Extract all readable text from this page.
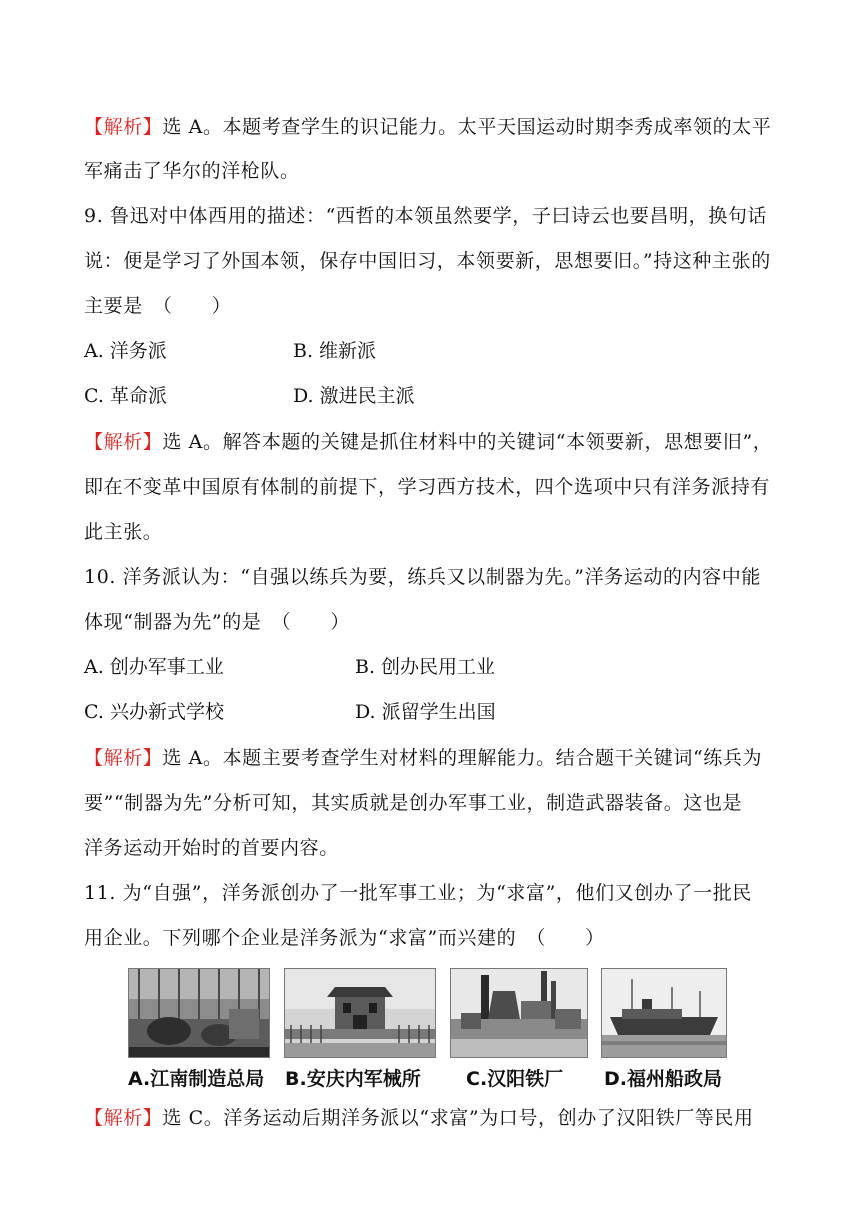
【解析】选 A。本题考查学生的识记能力。太平天国运动时期李秀成率领的太平
军痛击了华尔的洋枪队。
9. 鲁迅对中体西用的描述：“西哲的本领虽然要学，子曰诗云也要昌明，换句话
说：便是学习了外国本领，保存中国旧习，本领要新，思想要旧。”持这种主张的
主要是　（　　）
A. 洋务派	B. 维新派
C. 革命派	D. 激进民主派
【解析】选 A。解答本题的关键是抓住材料中的关键词“本领要新，思想要旧”，
即在不变革中国原有体制的前提下，学习西方技术，四个选项中只有洋务派持有
此主张。
10. 洋务派认为：“自强以练兵为要，练兵又以制器为先。”洋务运动的内容中能
体现“制器为先”的是　（　　）
A. 创办军事工业	B. 创办民用工业
C. 兴办新式学校	D. 派留学生出国
【解析】选 A。本题主要考查学生对材料的理解能力。结合题干关键词“练兵为
要”“制器为先”分析可知，其实质就是创办军事工业，制造武器装备。这也是
洋务运动开始时的首要内容。
11. 为“自强”，洋务派创办了一批军事工业；为“求富”，他们又创办了一批民
用企业。下列哪个企业是洋务派为“求富”而兴建的　（　　）
A.江南制造总局 B.安庆内军械所 C.汉阳铁厂 D.福州船政局
【解析】选 C。洋务运动后期洋务派以“求富”为口号，创办了汉阳铁厂等民用
